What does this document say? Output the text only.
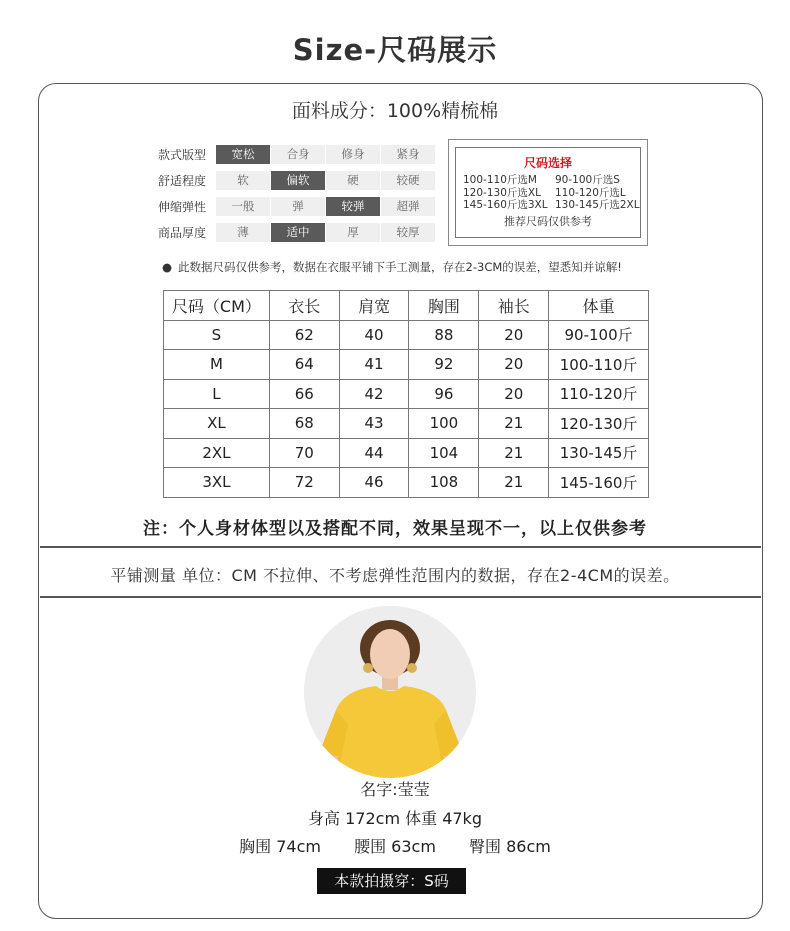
Size-尺码展示
面料成分：100%精梳棉
款式版型	宽松	合身	修身	紧身
舒适程度	软	偏软	硬	较硬
伸缩弹性	一般	弹	较弹	超弹
商品厚度	薄	适中	厚	较厚
尺码选择
100-110斤选M	90-100斤选S
120-130斤选XL	110-120斤选L
145-160斤选3XL 130-145斤选2XL
推荐尺码仅供参考
● 此数据尺码仅供参考，数据在衣服平铺下手工测量，存在2-3CM的误差，望悉知并谅解!
尺码（CM）	衣长	肩宽	胸围	袖长	体重
S	62	40	88	20	90-100斤
M	64	41	92	20	100-110斤
L	66	42	96	20	110-120斤
XL	68	43	100	21	120-130斤
2XL	70	44	104	21	130-145斤
3XL	72	46	108	21	145-160斤
注：个人身材体型以及搭配不同，效果呈现不一，以上仅供参考
平铺测量 单位：CM 不拉伸、不考虑弹性范围内的数据，存在2-4CM的误差。
名字:莹莹
身高 172cm 体重 47kg
胸围 74cm 腰围 63cm 臀围 86cm
本款拍摄穿：S码
